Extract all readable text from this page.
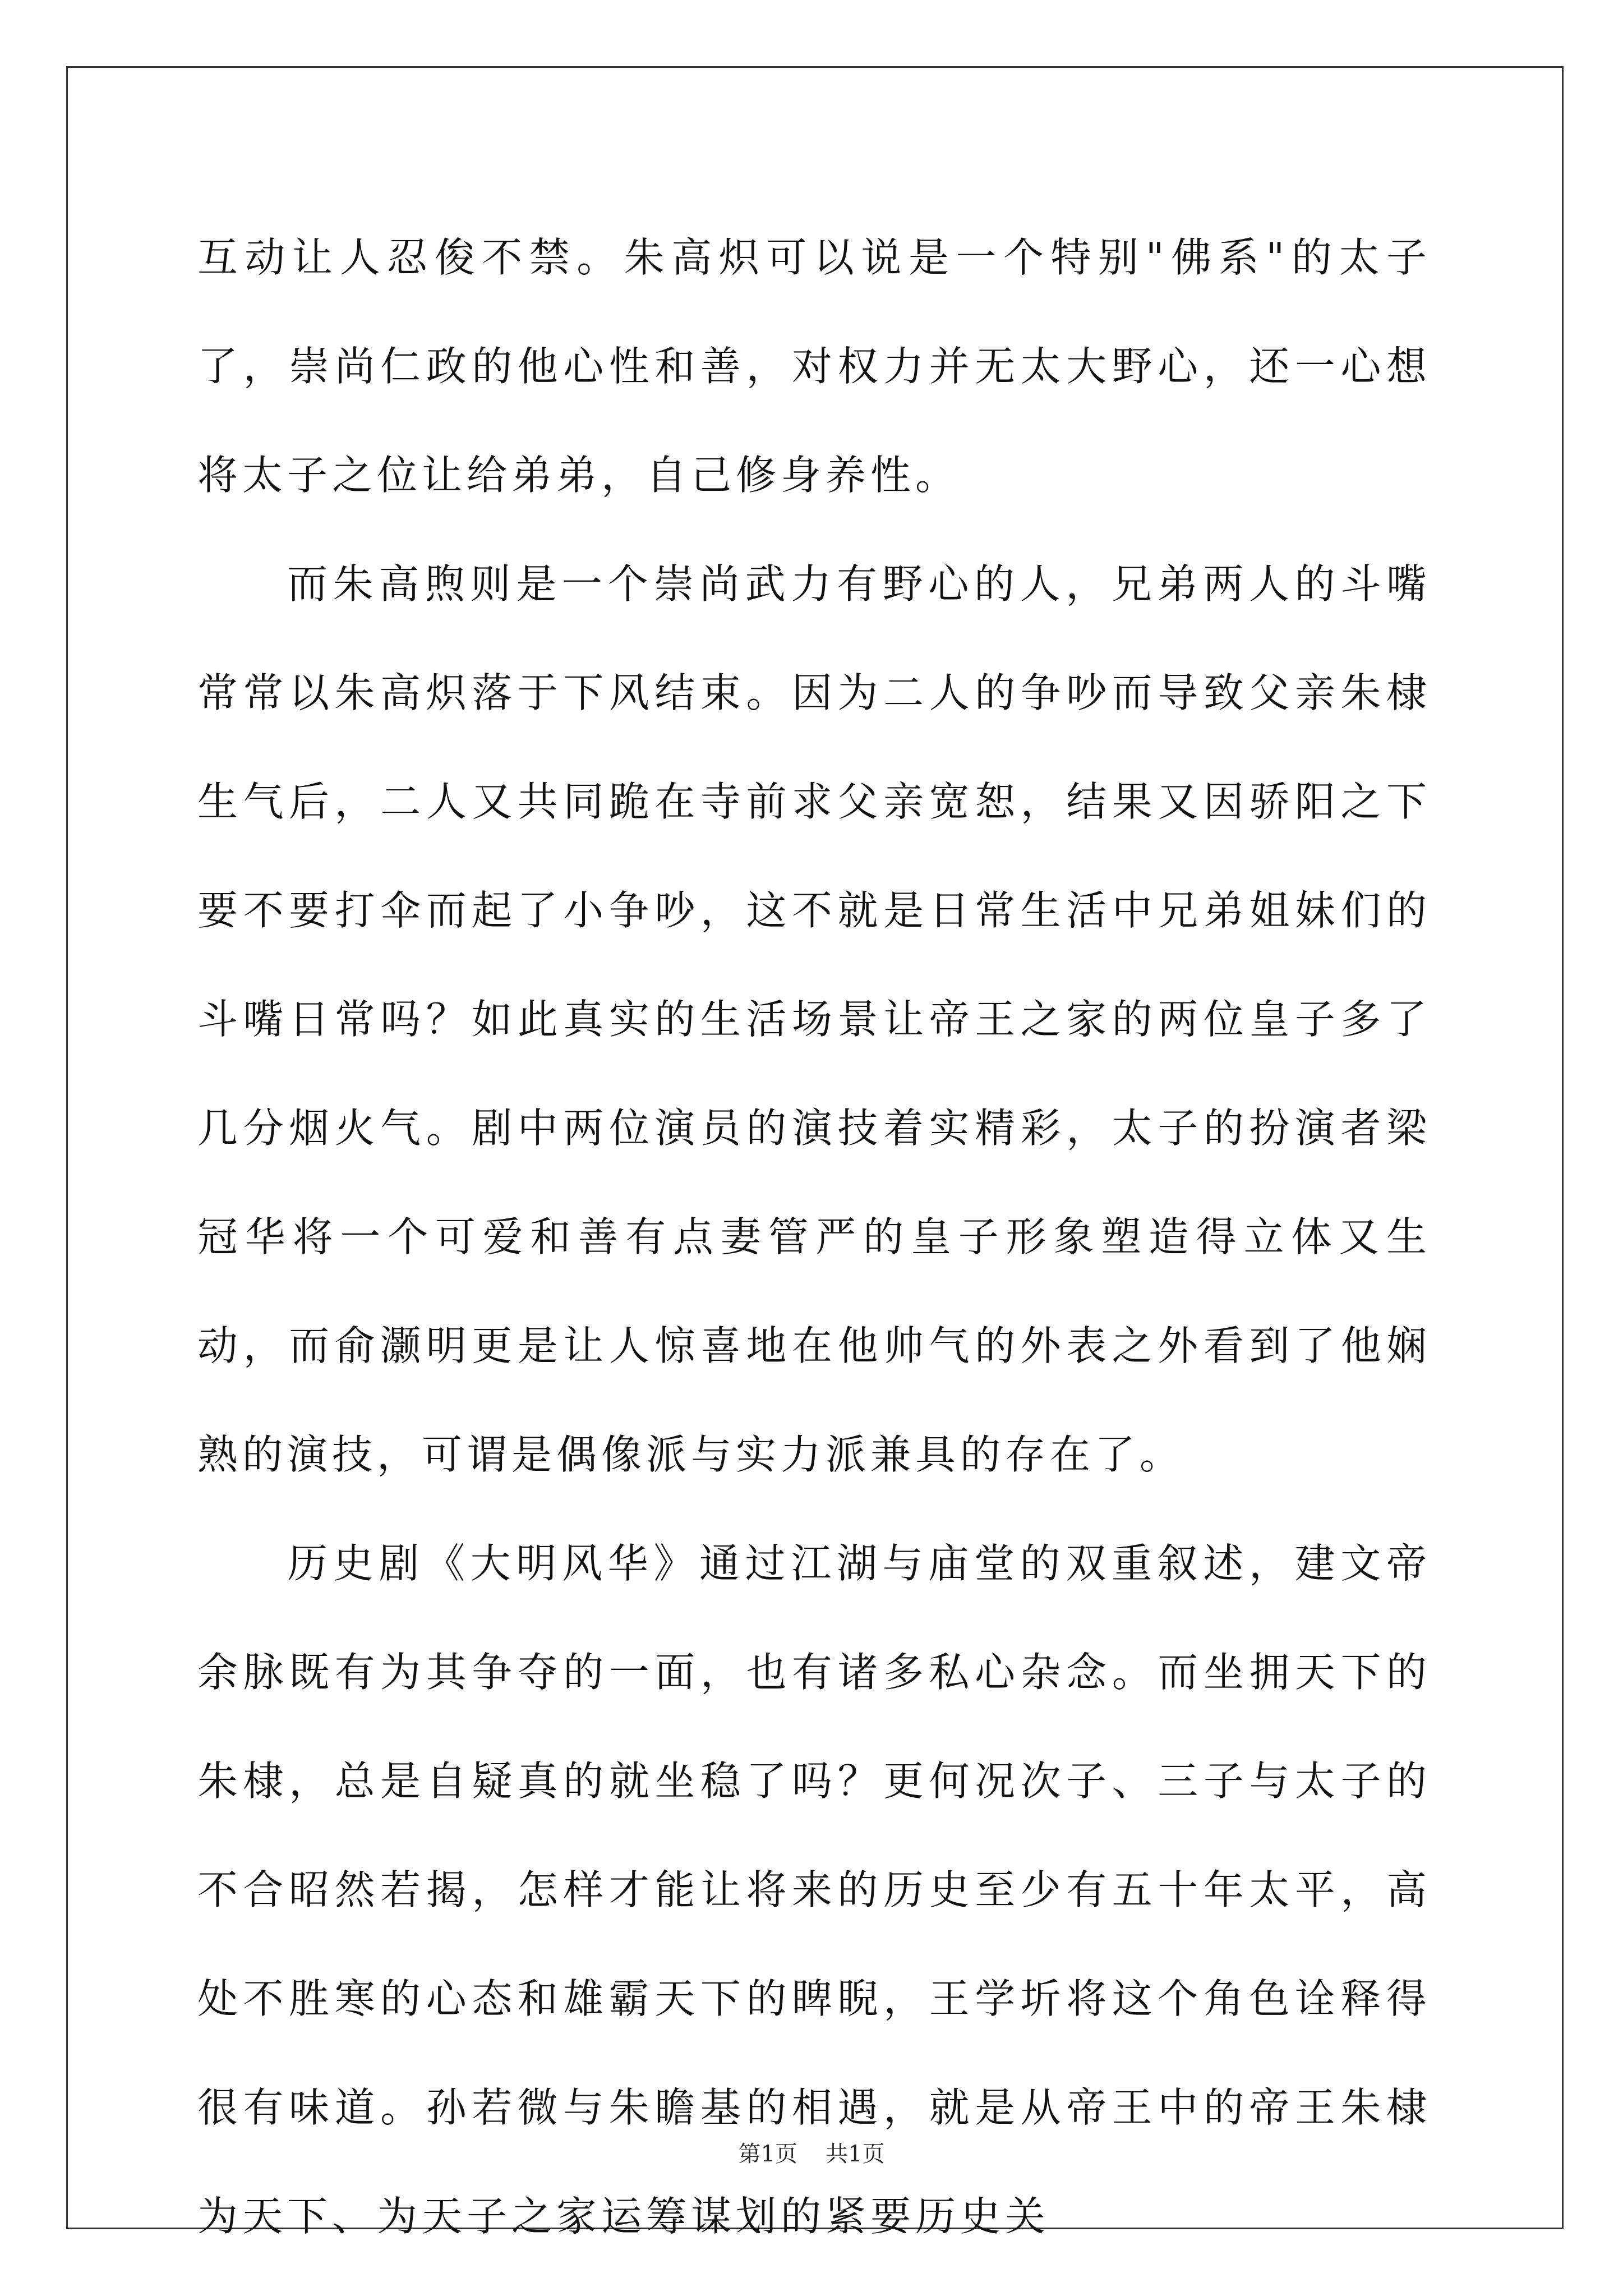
互动让人忍俊不禁。朱高炽可以说是一个特别"佛系"的太子了，崇尚仁政的他心性和善，对权力并无太大野心，还一心想将太子之位让给弟弟，自己修身养性。

而朱高煦则是一个崇尚武力有野心的人，兄弟两人的斗嘴常常以朱高炽落于下风结束。因为二人的争吵而导致父亲朱棣生气后，二人又共同跪在寺前求父亲宽恕，结果又因骄阳之下要不要打伞而起了小争吵，这不就是日常生活中兄弟姐妹们的斗嘴日常吗？如此真实的生活场景让帝王之家的两位皇子多了几分烟火气。剧中两位演员的演技着实精彩，太子的扮演者梁冠华将一个可爱和善有点妻管严的皇子形象塑造得立体又生动，而俞灏明更是让人惊喜地在他帅气的外表之外看到了他娴熟的演技，可谓是偶像派与实力派兼具的存在了。

历史剧《大明风华》通过江湖与庙堂的双重叙述，建文帝余脉既有为其争夺的一面，也有诸多私心杂念。而坐拥天下的朱棣，总是自疑真的就坐稳了吗？更何况次子、三子与太子的不合昭然若揭，怎样才能让将来的历史至少有五十年太平，高处不胜寒的心态和雄霸天下的睥睨，王学圻将这个角色诠释得很有味道。孙若微与朱瞻基的相遇，就是从帝王中的帝王朱棣为天下、为天子之家运筹谋划的紧要历史关

第1页 共1页
